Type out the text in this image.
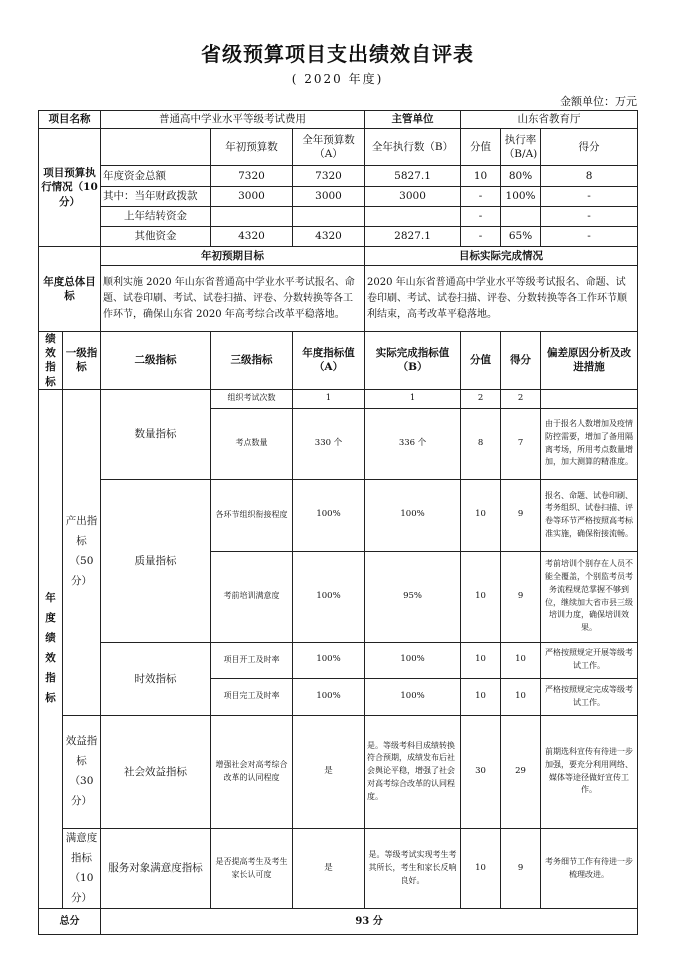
省级预算项目支出绩效自评表
( 2020 年度)
金额单位：万元
项目名称		普通高中学业水平等级考试费用			主管单位	山东省教育厅		
项目预算执行情况（10分）			年初预算数	全年预算数（A）	全年执行数（B）	分值	执行率（B/A)	得分
		年度资金总额	7320	7320	5827.1	10	80%	8
		其中：当年财政拨款	3000	3000	3000	-	100%	-
		上年结转资金				-		-
		其他资金	4320	4320	2827.1	-	65%	-
年度总体目标		年初预期目标			目标实际完成情况			
		顺利实施 2020 年山东省普通高中学业水平考试报名、命题、试卷印刷、考试、试卷扫描、评卷、分数转换等各工作环节，确保山东省 2020 年高考综合改革平稳落地。			2020 年山东省普通高中学业水平等级考试报名、命题、试卷印刷、考试、试卷扫描、评卷、分数转换等各工作环节顺利结束，高考改革平稳落地。			
绩效指标	一级指标	二级指标	三级指标	年度指标值（A）	实际完成指标值（B）	分值	得分	偏差原因分析及改进措施
年度绩效指标	产出指标（50分）	数量指标	组织考试次数	1	1	2	2	
			考点数量	330 个	336 个	8	7	由于报名人数增加及疫情防控需要，增加了备用隔离考场，所用考点数量增加，加大测算的精准度。
		质量指标	各环节组织衔接程度	100%	100%	10	9	报名、命题、试卷印刷、考务组织、试卷扫描、评卷等环节严格按照高考标准实施，确保衔接流畅。
			考前培训满意度	100%	95%	10	9	考前培训个别存在人员不能全覆盖，个别监考员考务流程规范掌握不够到位，继续加大省市县三级培训力度，确保培训效果。
		时效指标	项目开工及时率	100%	100%	10	10	严格按照规定开展等级考试工作。
			项目完工及时率	100%	100%	10	10	严格按照规定完成等级考试工作。
	效益指标（30分）	社会效益指标	增强社会对高考综合改革的认同程度	是	是。等级考科目成绩转换符合预期，成绩发布后社会舆论平稳，增强了社会对高考综合改革的认同程度。	30	29	前期选科宣传有待进一步加强，要充分利用网络、媒体等途径做好宣传工作。
	满意度指标（10分）	服务对象满意度指标	是否提高考生及考生家长认可度	是	是。等级考试实现考生考其所长，考生和家长反响良好。	10	9	考务细节工作有待进一步梳理改进。
总分		93 分						
